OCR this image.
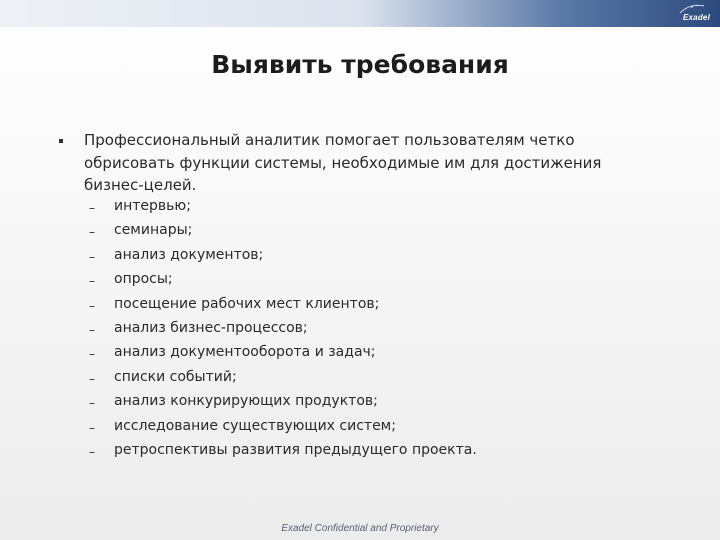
Exadel
Выявить требования
Профессиональный аналитик помогает пользователям четко обрисовать функции системы, необходимые им для достижения бизнес-целей.
– интервью;
– семинары;
– анализ документов;
– опросы;
– посещение рабочих мест клиентов;
– анализ бизнес-процессов;
– анализ документооборота и задач;
– списки событий;
– анализ конкурирующих продуктов;
– исследование существующих систем;
– ретроспективы развития предыдущего проекта.
Exadel Confidential and Proprietary
